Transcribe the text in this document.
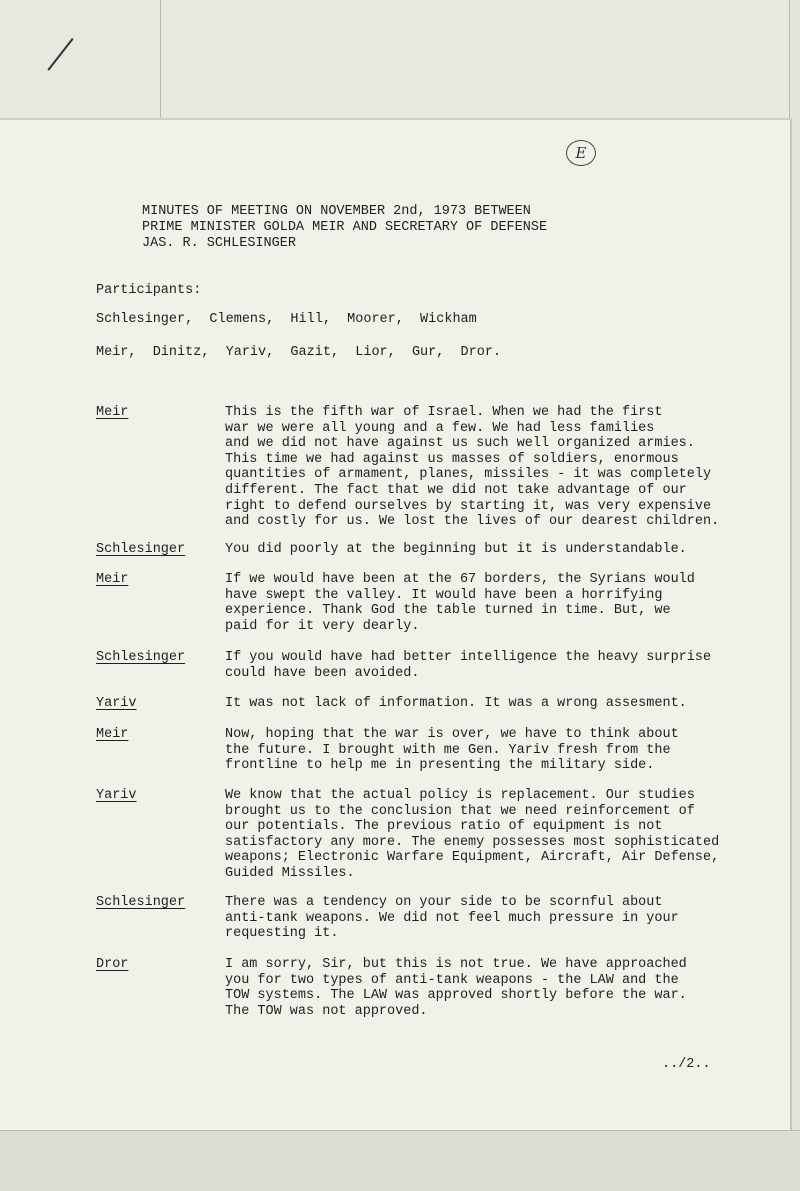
E
MINUTES OF MEETING ON NOVEMBER 2nd, 1973 BETWEEN
PRIME MINISTER GOLDA MEIR AND SECRETARY OF DEFENSE
JAS. R. SCHLESINGER
Participants:
Schlesinger,  Clemens,  Hill,  Moorer,  Wickham
Meir,  Dinitz,  Yariv,  Gazit,  Lior,  Gur,  Dror.
Meir	This is the fifth war of Israel. When we had the first
war we were all young and a few. We had less families
and we did not have against us such well organized armies.
This time we had against us masses of soldiers, enormous
quantities of armament, planes, missiles - it was completely
different. The fact that we did not take advantage of our
right to defend ourselves by starting it, was very expensive
and costly for us. We lost the lives of our dearest children.
Schlesinger	You did poorly at the beginning but it is understandable.
Meir	If we would have been at the 67 borders, the Syrians would
have swept the valley. It would have been a horrifying
experience. Thank God the table turned in time. But, we
paid for it very dearly.
Schlesinger	If you would have had better intelligence the heavy surprise
could have been avoided.
Yariv	It was not lack of information. It was a wrong assesment.
Meir	Now, hoping that the war is over, we have to think about
the future. I brought with me Gen. Yariv fresh from the
frontline to help me in presenting the military side.
Yariv	We know that the actual policy is replacement. Our studies
brought us to the conclusion that we need reinforcement of
our potentials. The previous ratio of equipment is not
satisfactory any more. The enemy possesses most sophisticated
weapons; Electronic Warfare Equipment, Aircraft, Air Defense,
Guided Missiles.
Schlesinger	There was a tendency on your side to be scornful about
anti-tank weapons. We did not feel much pressure in your
requesting it.
Dror	I am sorry, Sir, but this is not true. We have approached
you for two types of anti-tank weapons - the LAW and the
TOW systems. The LAW was approved shortly before the war.
The TOW was not approved.
../2..
